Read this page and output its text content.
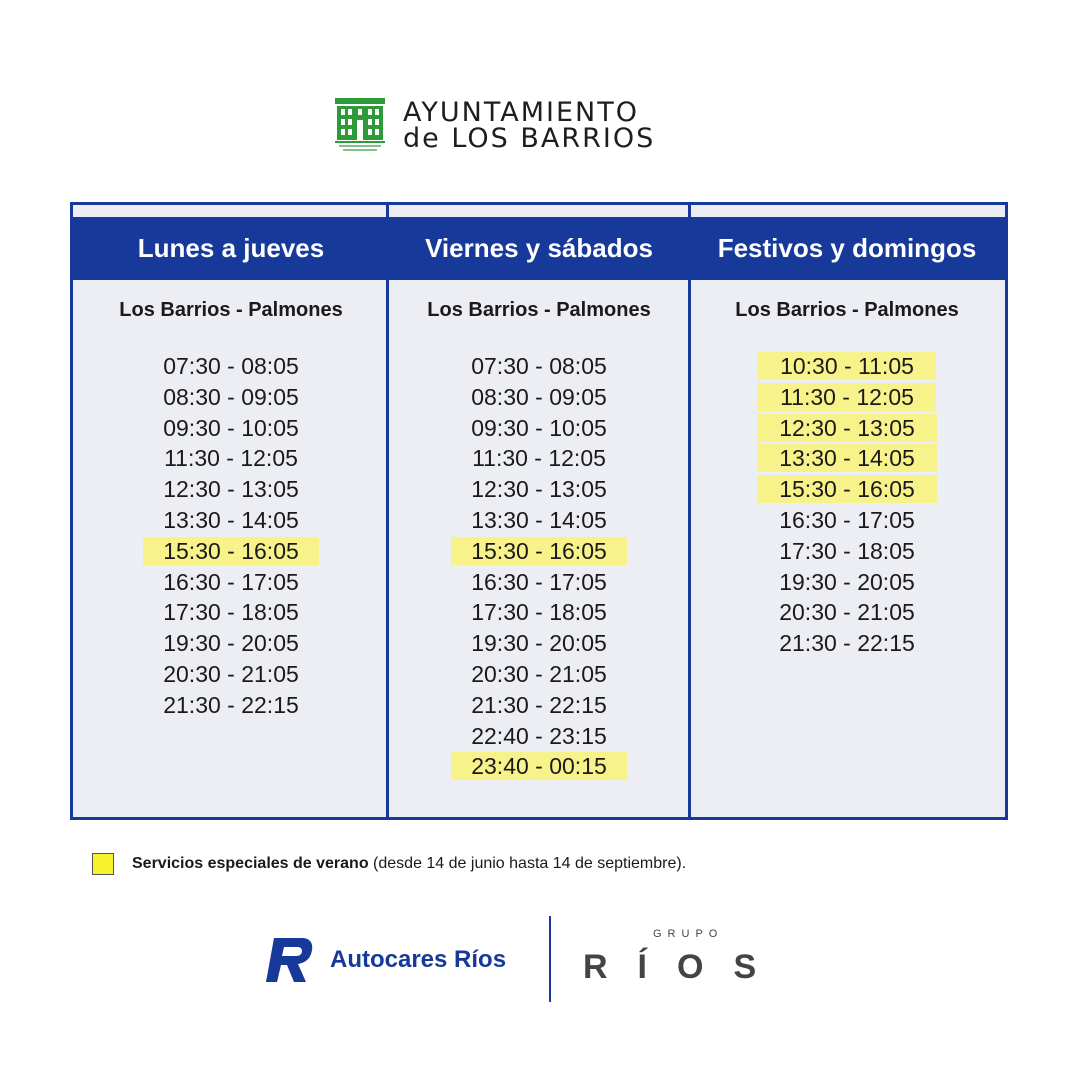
AYUNTAMIENTO
de LOS BARRIOS
Lunes a jueves
Los Barrios - Palmones
07:30 - 08:05
08:30 - 09:05
09:30 - 10:05
11:30 - 12:05
12:30 - 13:05
13:30 - 14:05
15:30 - 16:05
16:30 - 17:05
17:30 - 18:05
19:30 - 20:05
20:30 - 21:05
21:30 - 22:15
Viernes y sábados
Los Barrios - Palmones
07:30 - 08:05
08:30 - 09:05
09:30 - 10:05
11:30 - 12:05
12:30 - 13:05
13:30 - 14:05
15:30 - 16:05
16:30 - 17:05
17:30 - 18:05
19:30 - 20:05
20:30 - 21:05
21:30 - 22:15
22:40 - 23:15
23:40 - 00:15
Festivos y domingos
Los Barrios - Palmones
10:30 - 11:05
11:30 - 12:05
12:30 - 13:05
13:30 - 14:05
15:30 - 16:05
16:30 - 17:05
17:30 - 18:05
19:30 - 20:05
20:30 - 21:05
21:30 - 22:15
Servicios especiales de verano (desde 14 de junio hasta 14 de septiembre).
Autocares Ríos
GRUPO
RÍOS
